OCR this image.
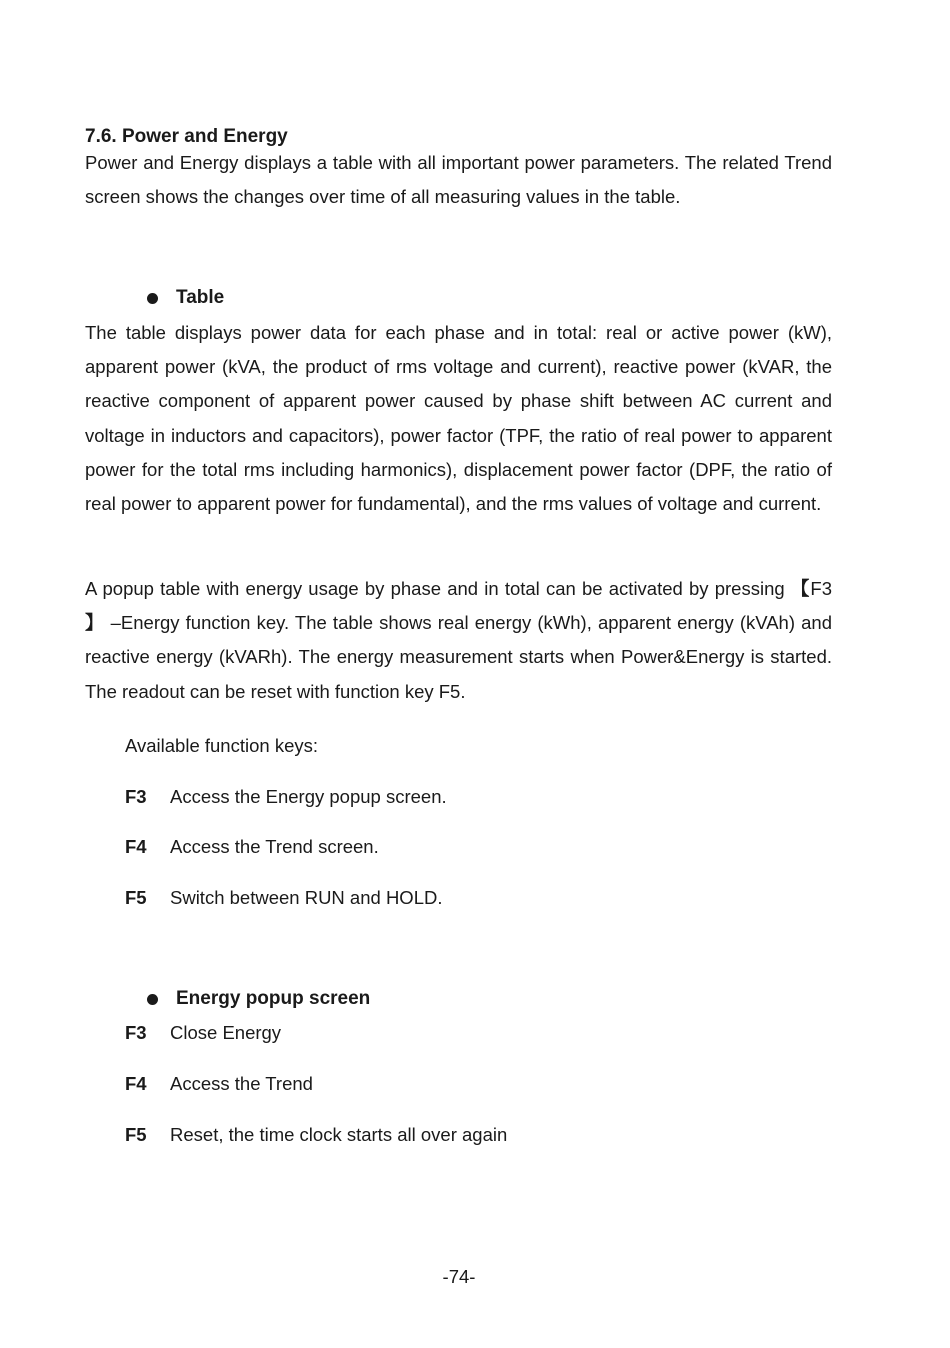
7.6. Power and Energy

Power and Energy displays a table with all important power parameters. The related Trend screen shows the changes over time of all measuring values in the table.

Table

The table displays power data for each phase and in total: real or active power (kW), apparent power (kVA, the product of rms voltage and current), reactive power (kVAR, the reactive component of apparent power caused by phase shift between AC current and voltage in inductors and capacitors), power factor (TPF, the ratio of real power to apparent power for the total rms including harmonics), displacement power factor (DPF, the ratio of real power to apparent power for fundamental), and the rms values of voltage and current.

A popup table with energy usage by phase and in total can be activated by pressing 【F3 】 –Energy function key. The table shows real energy (kWh), apparent energy (kVAh) and reactive energy (kVARh). The energy measurement starts when Power&Energy is started. The readout can be reset with function key F5.

Available function keys:
F3	Access the Energy popup screen.
F4	Access the Trend screen.
F5	Switch between RUN and HOLD.
Energy popup screen
F3	Close Energy
F4	Access the Trend
F5	Reset, the time clock starts all over again
-74-
